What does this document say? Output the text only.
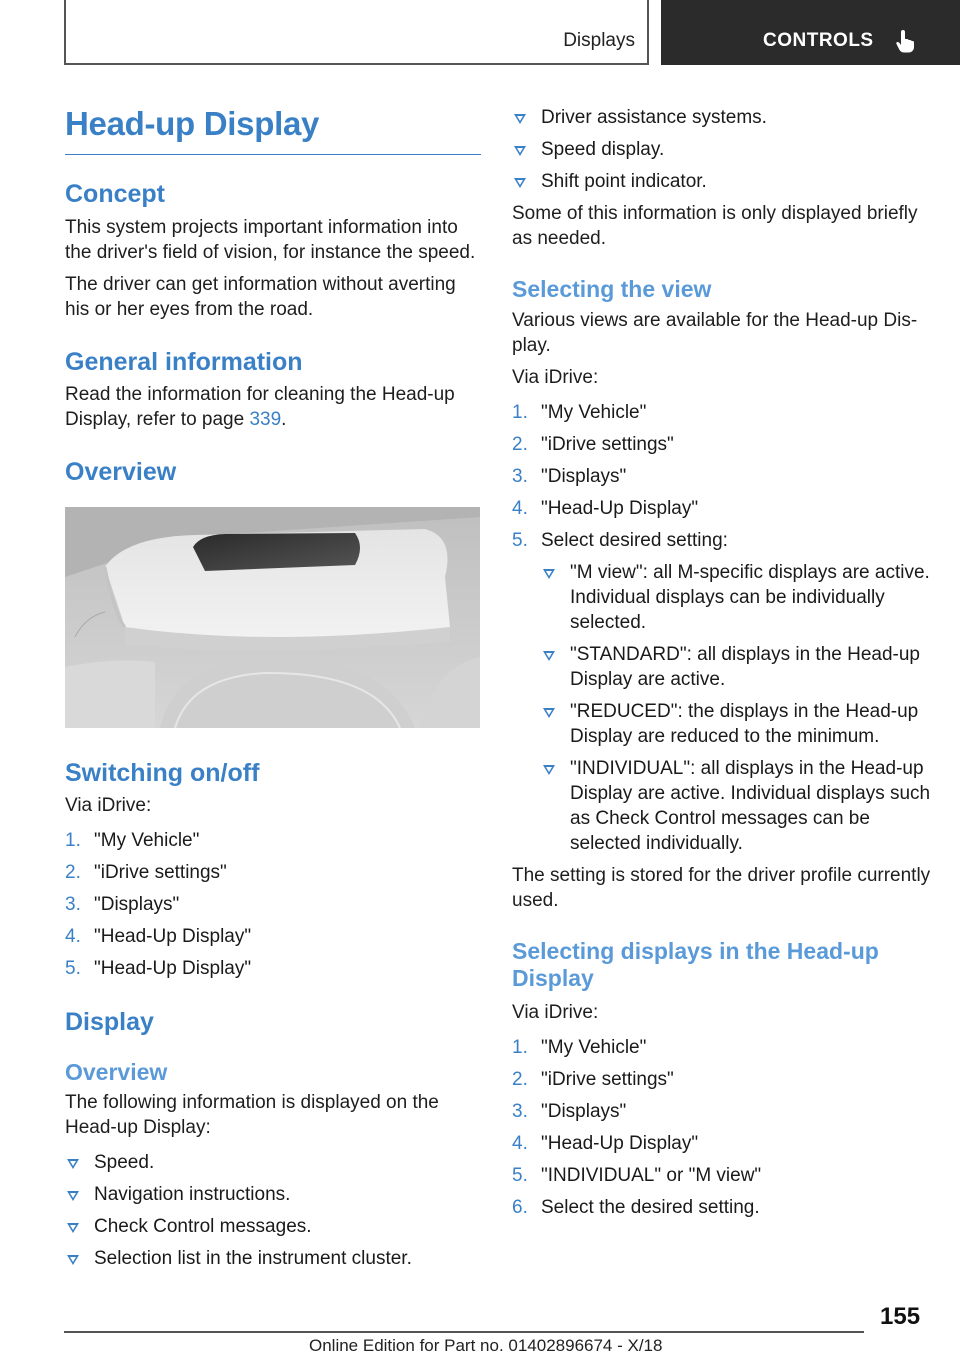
Displays	CONTROLS
Head-up Display
Concept
This system projects important information into the driver's field of vision, for instance the speed.
The driver can get information without averting his or her eyes from the road.
General information
Read the information for cleaning the Head-up Display, refer to page 339.
Overview
Switching on/off
Via iDrive:
1. "My Vehicle"
2. "iDrive settings"
3. "Displays"
4. "Head-Up Display"
5. "Head-Up Display"
Display
Overview
The following information is displayed on the Head-up Display:
Speed.
Navigation instructions.
Check Control messages.
Selection list in the instrument cluster.
Driver assistance systems.
Speed display.
Shift point indicator.
Some of this information is only displayed briefly as needed.
Selecting the view
Various views are available for the Head-up Display.
Via iDrive:
1. "My Vehicle"
2. "iDrive settings"
3. "Displays"
4. "Head-Up Display"
5. Select desired setting:
"M view": all M-specific displays are active. Individual displays can be individually selected.
"STANDARD": all displays in the Head-up Display are active.
"REDUCED": the displays in the Head-up Display are reduced to the minimum.
"INDIVIDUAL": all displays in the Head-up Display are active. Individual displays such as Check Control messages can be selected individually.
The setting is stored for the driver profile currently used.
Selecting displays in the Head-up Display
Via iDrive:
1. "My Vehicle"
2. "iDrive settings"
3. "Displays"
4. "Head-Up Display"
5. "INDIVIDUAL" or "M view"
6. Select the desired setting.
155
Online Edition for Part no. 01402896674 - X/18
